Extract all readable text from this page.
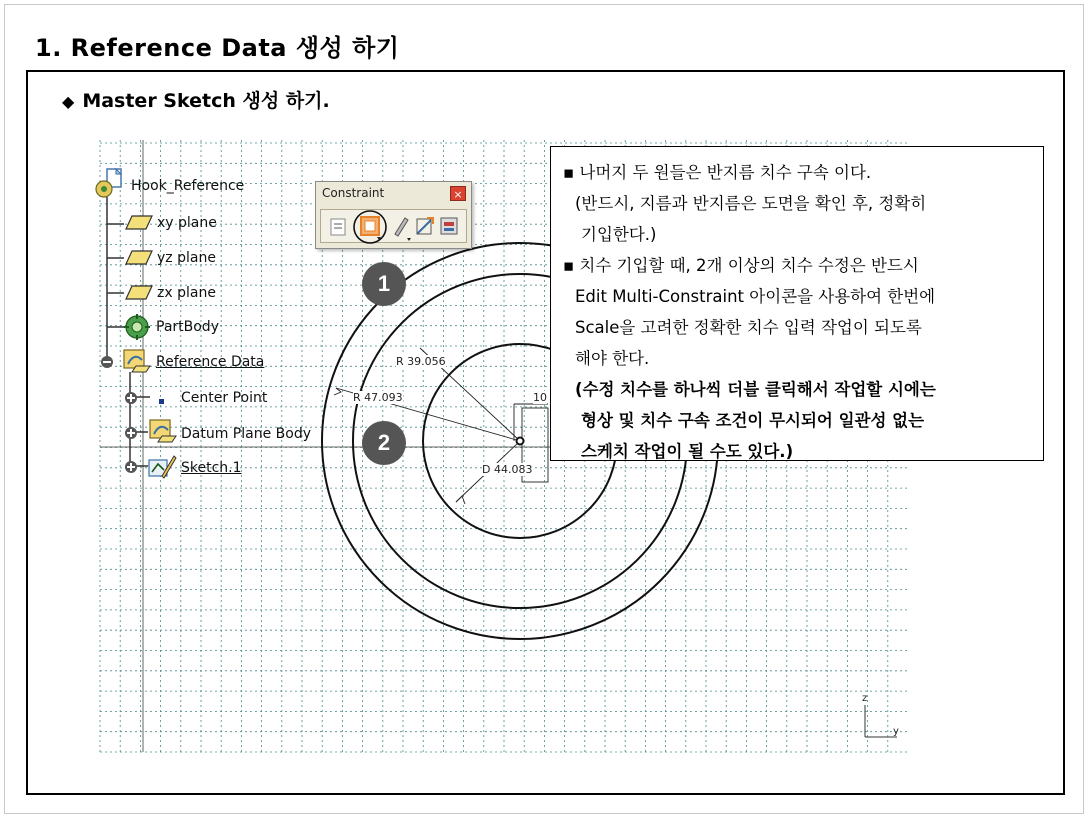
1. Reference Data 생성 하기
◆ Master Sketch 생성 하기.
Hook_Reference
xy plane
yz plane
zx plane
PartBody
Reference Data
Center Point
Datum Plane Body
Sketch.1
Constraint	×
1
2
R 39.056
R 47.093
D 44.083
10
z
y
▪ 나머지 두 원들은 반지름 치수 구속 이다.
(반드시, 지름과 반지름은 도면을 확인 후, 정확히
기입한다.)
▪ 치수 기입할 때, 2개 이상의 치수 수정은 반드시
Edit Multi-Constraint 아이콘을 사용하여 한번에
Scale을 고려한 정확한 치수 입력 작업이 되도록
해야 한다.
(수정 치수를 하나씩 더블 클릭해서 작업할 시에는
형상 및 치수 구속 조건이 무시되어 일관성 없는
스케치 작업이 될 수도 있다.)
